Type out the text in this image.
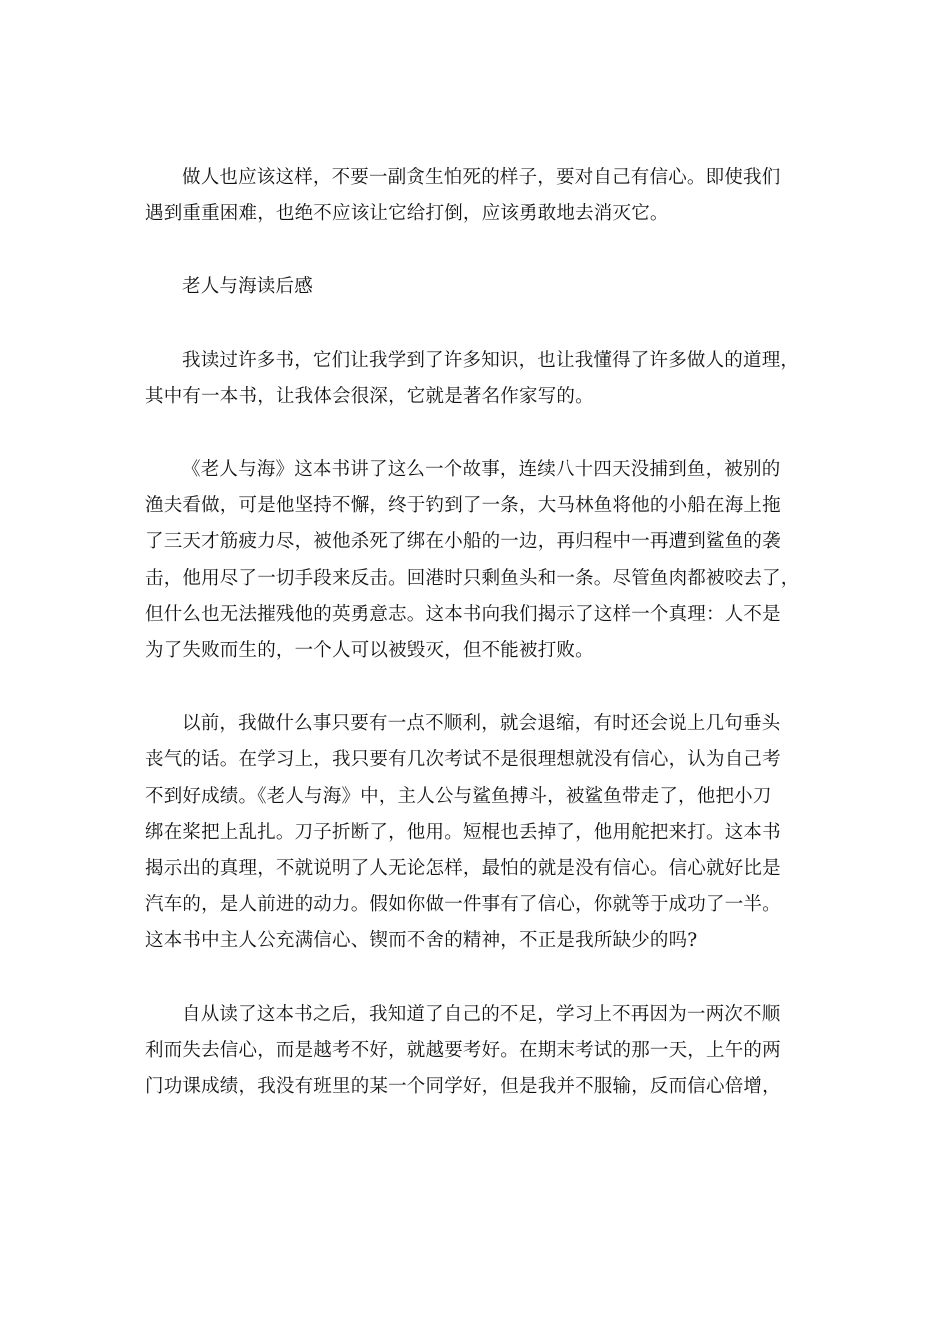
做人也应该这样，不要一副贪生怕死的样子，要对自己有信心。即使我们
遇到重重困难，也绝不应该让它给打倒，应该勇敢地去消灭它。

老人与海读后感

我读过许多书，它们让我学到了许多知识，也让我懂得了许多做人的道理，
其中有一本书，让我体会很深，它就是著名作家写的。

《老人与海》这本书讲了这么一个故事，连续八十四天没捕到鱼，被别的
渔夫看做，可是他坚持不懈，终于钓到了一条，大马林鱼将他的小船在海上拖
了三天才筋疲力尽，被他杀死了绑在小船的一边，再归程中一再遭到鲨鱼的袭
击，他用尽了一切手段来反击。回港时只剩鱼头和一条。尽管鱼肉都被咬去了，
但什么也无法摧残他的英勇意志。这本书向我们揭示了这样一个真理：人不是
为了失败而生的，一个人可以被毁灭，但不能被打败。

以前，我做什么事只要有一点不顺利，就会退缩，有时还会说上几句垂头
丧气的话。在学习上，我只要有几次考试不是很理想就没有信心，认为自己考
不到好成绩。《老人与海》中，主人公与鲨鱼搏斗，被鲨鱼带走了，他把小刀
绑在桨把上乱扎。刀子折断了，他用。短棍也丢掉了，他用舵把来打。这本书
揭示出的真理，不就说明了人无论怎样，最怕的就是没有信心。信心就好比是
汽车的，是人前进的动力。假如你做一件事有了信心，你就等于成功了一半。
这本书中主人公充满信心、锲而不舍的精神，不正是我所缺少的吗?

自从读了这本书之后，我知道了自己的不足，学习上不再因为一两次不顺
利而失去信心，而是越考不好，就越要考好。在期末考试的那一天，上午的两
门功课成绩，我没有班里的某一个同学好，但是我并不服输，反而信心倍增，
